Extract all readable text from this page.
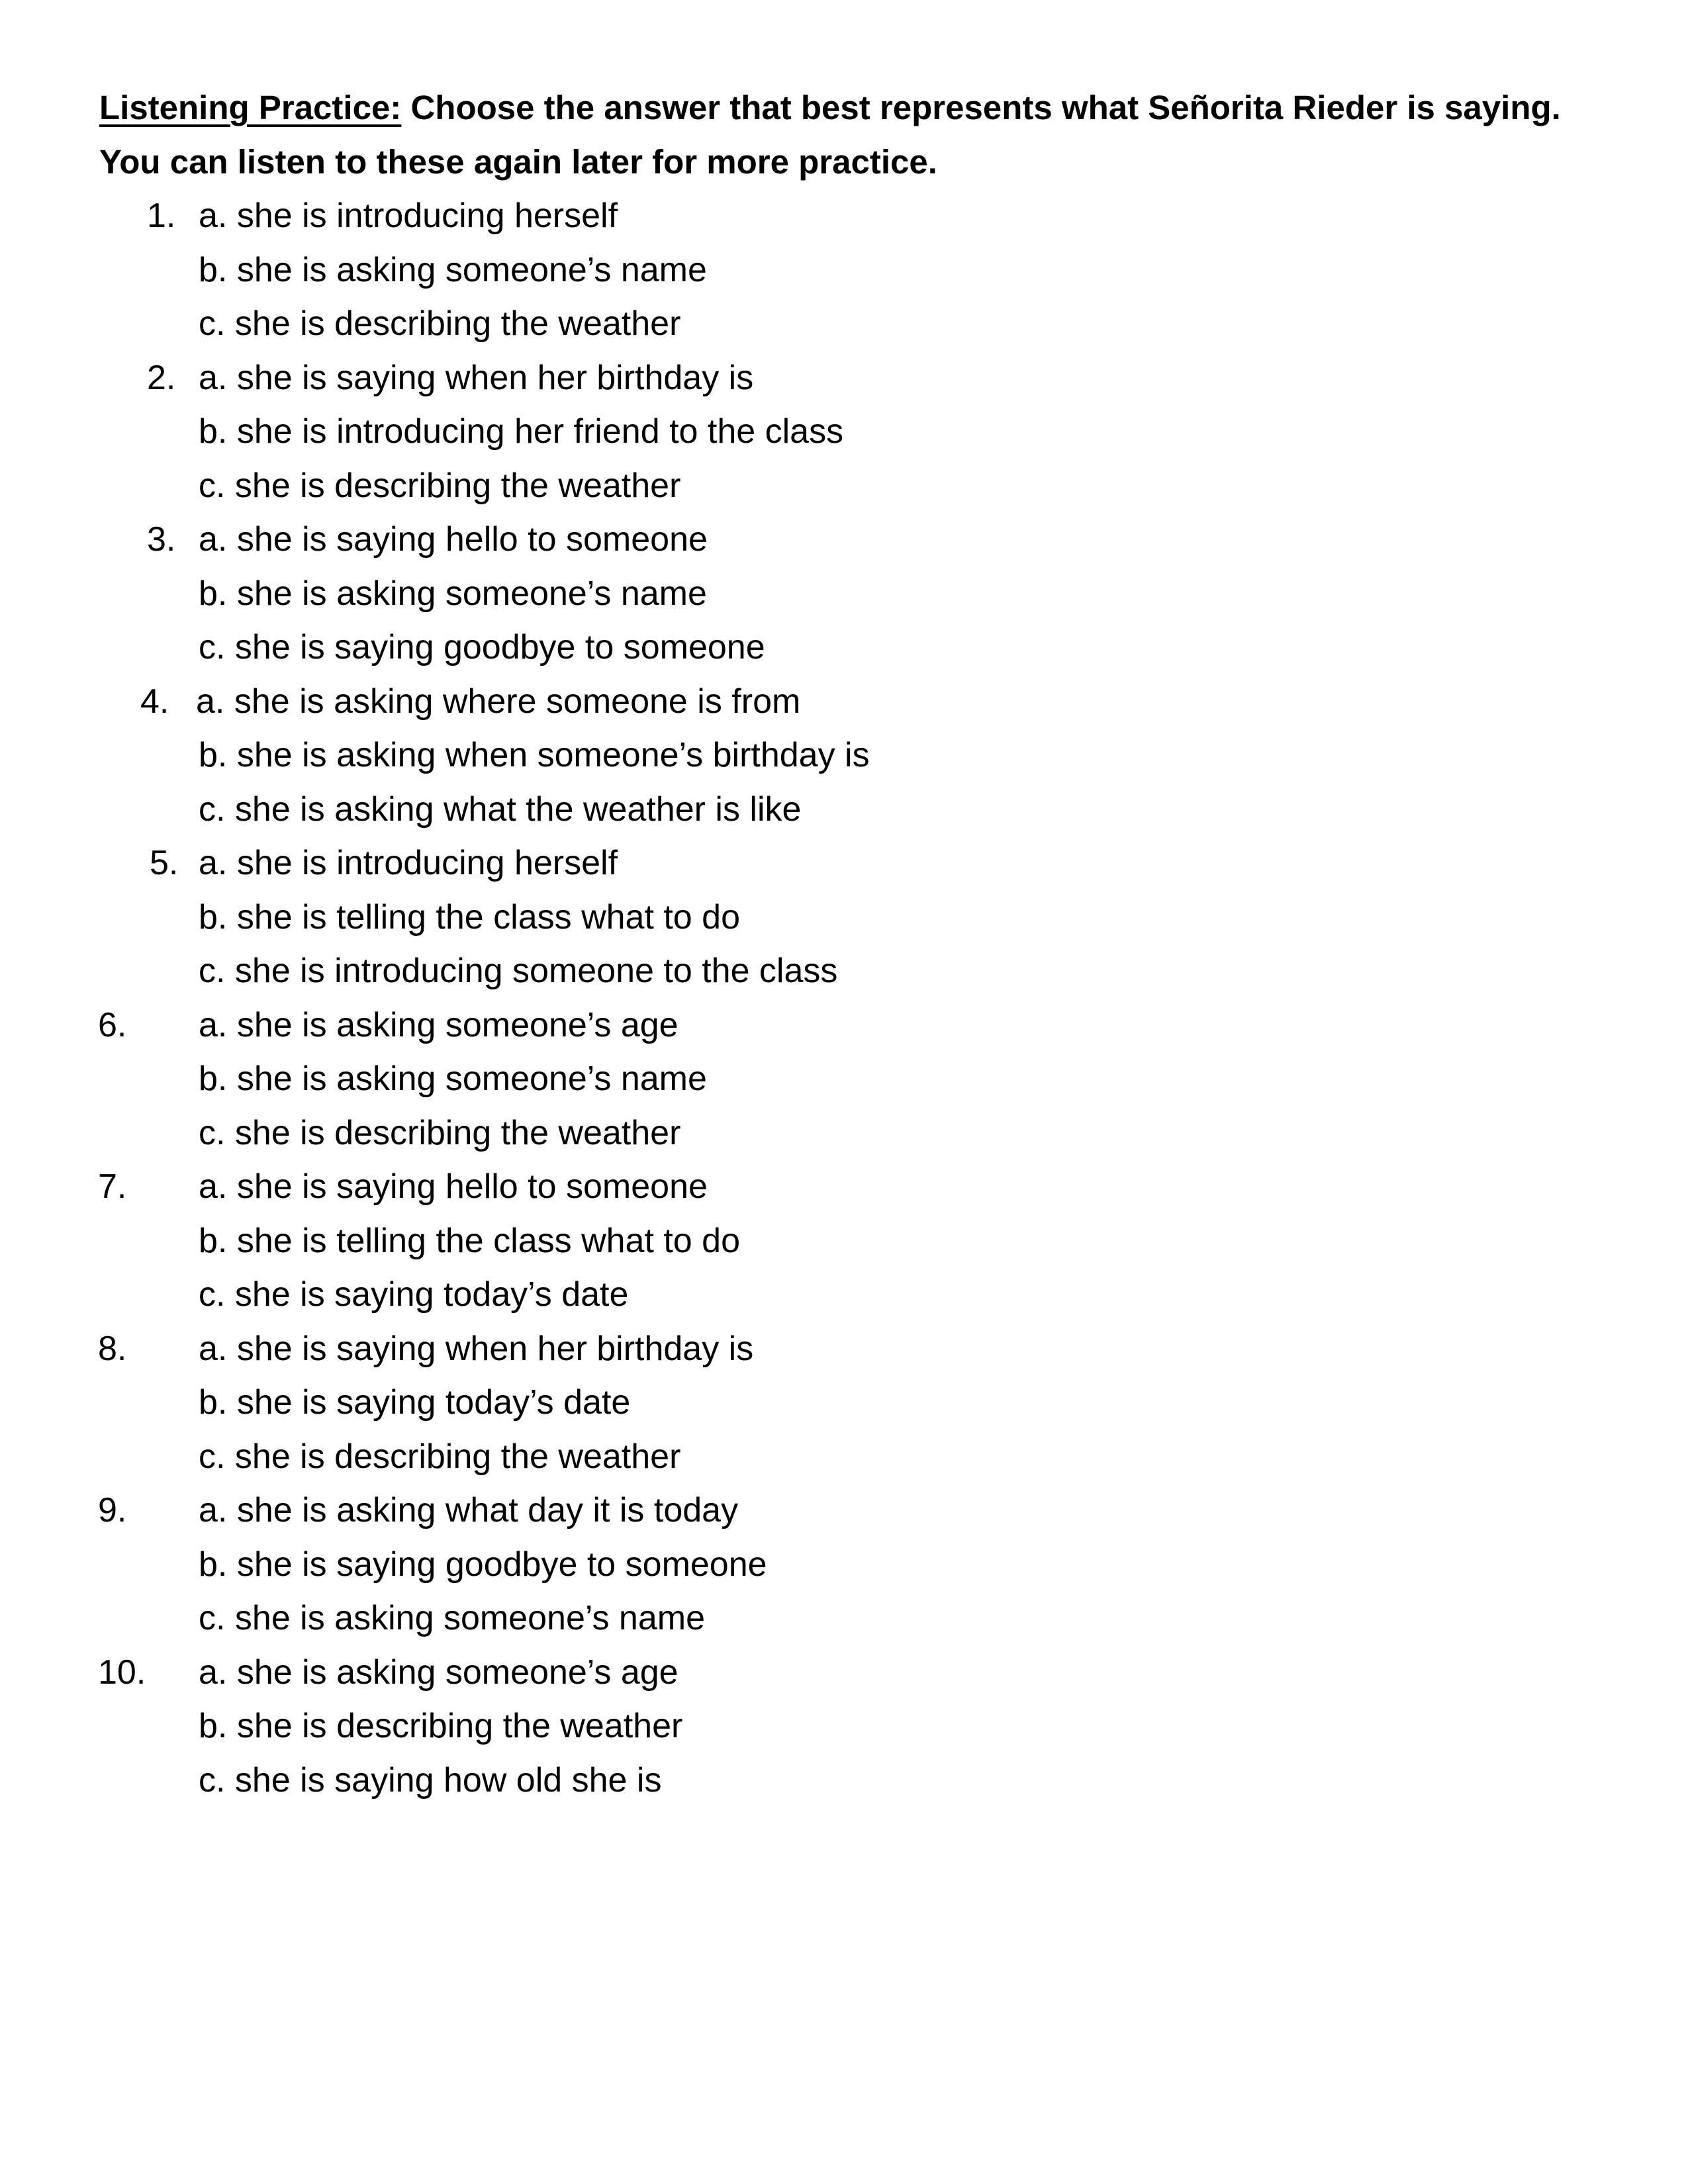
Listening Practice: Choose the answer that best represents what Señorita Rieder is saying.
You can listen to these again later for more practice.
1. a. she is introducing herself
b. she is asking someone’s name
c. she is describing the weather
2. a. she is saying when her birthday is
b. she is introducing her friend to the class
c. she is describing the weather
3. a. she is saying hello to someone
b. she is asking someone’s name
c. she is saying goodbye to someone
4. a. she is asking where someone is from
b. she is asking when someone’s birthday is
c. she is asking what the weather is like
5. a. she is introducing herself
b. she is telling the class what to do
c. she is introducing someone to the class
6. a. she is asking someone’s age
b. she is asking someone’s name
c. she is describing the weather
7. a. she is saying hello to someone
b. she is telling the class what to do
c. she is saying today’s date
8. a. she is saying when her birthday is
b. she is saying today’s date
c. she is describing the weather
9. a. she is asking what day it is today
b. she is saying goodbye to someone
c. she is asking someone’s name
10. a. she is asking someone’s age
b. she is describing the weather
c. she is saying how old she is
